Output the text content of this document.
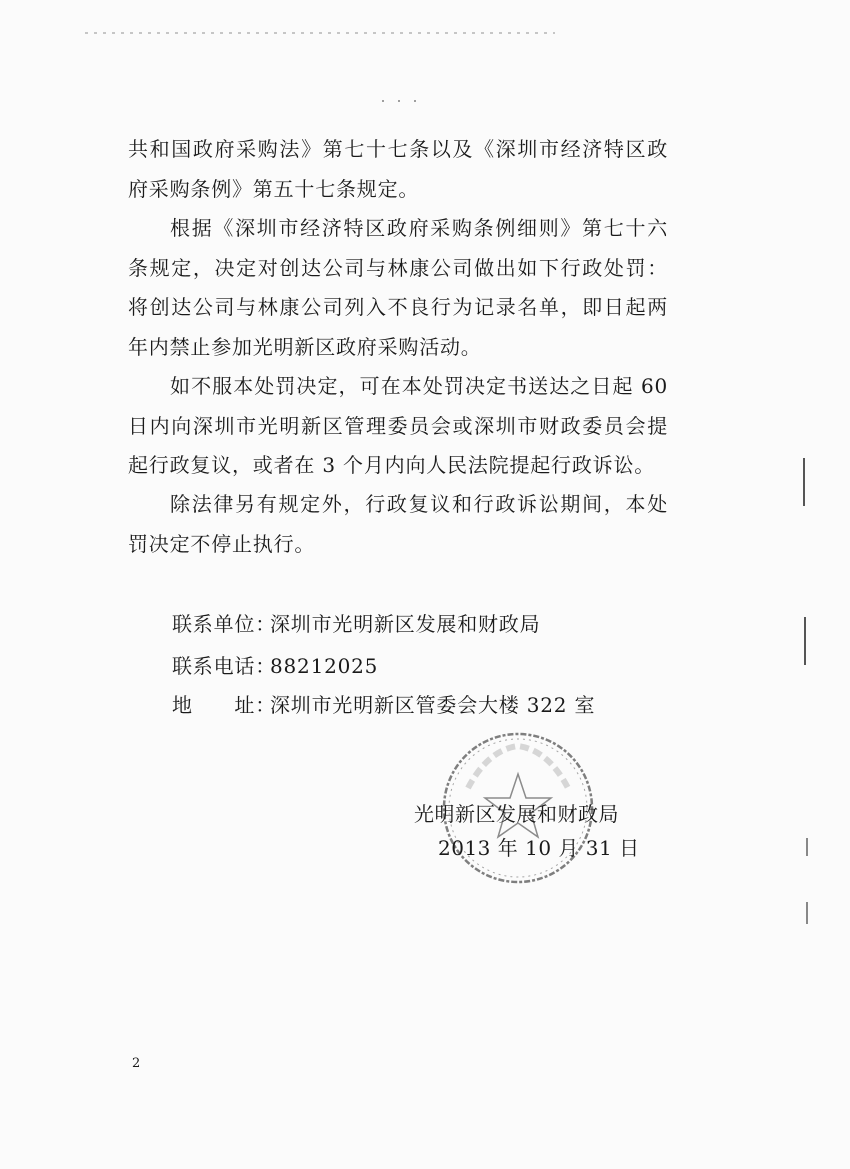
共和国政府采购法》第七十七条以及《深圳市经济特区政府采购条例》第五十七条规定。

根据《深圳市经济特区政府采购条例细则》第七十六条规定，决定对创达公司与林康公司做出如下行政处罚：将创达公司与林康公司列入不良行为记录名单，即日起两年内禁止参加光明新区政府采购活动。

如不服本处罚决定，可在本处罚决定书送达之日起 60 日内向深圳市光明新区管理委员会或深圳市财政委员会提起行政复议，或者在 3 个月内向人民法院提起行政诉讼。

除法律另有规定外，行政复议和行政诉讼期间，本处罚决定不停止执行。

联系单位：深圳市光明新区发展和财政局
联系电话：88212025
地　　址：深圳市光明新区管委会大楼 322 室
光明新区发展和财政局
2013 年 10 月 31 日
2
